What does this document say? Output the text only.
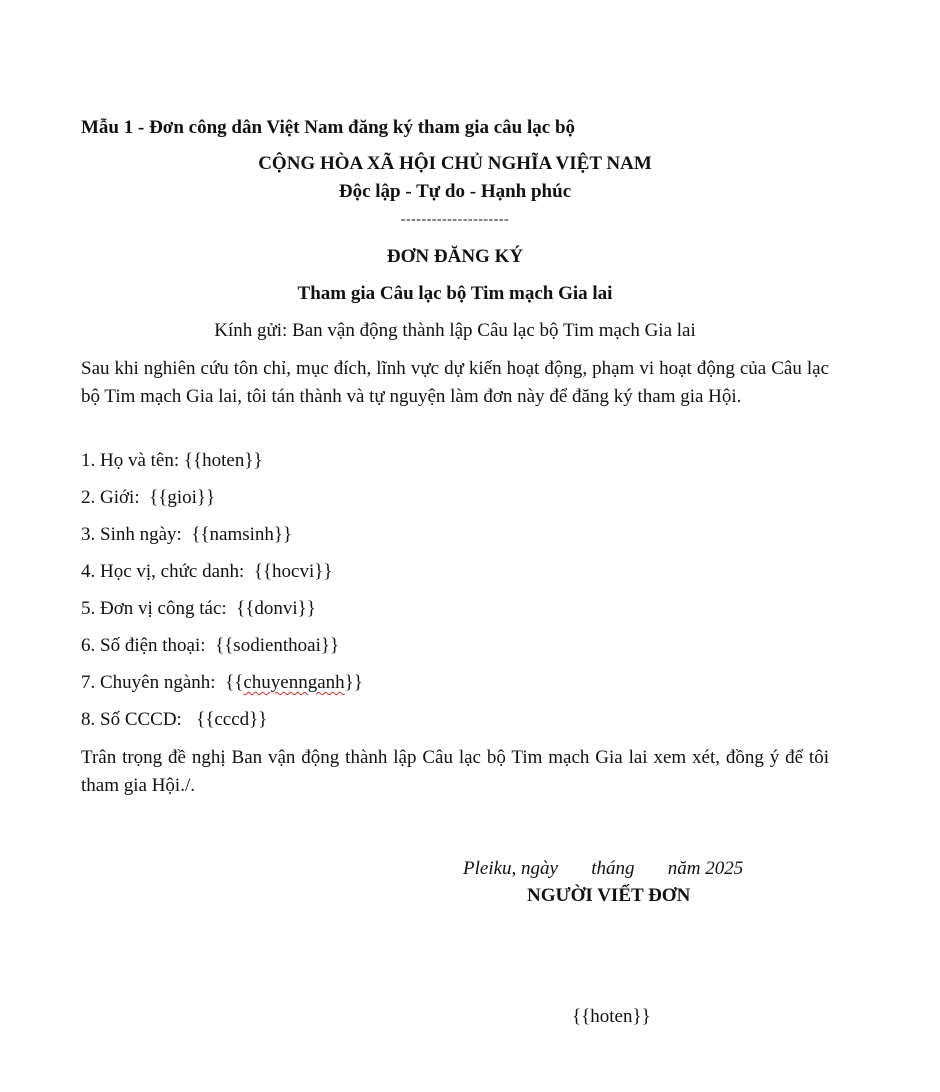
Mẫu 1 - Đơn công dân Việt Nam đăng ký tham gia câu lạc bộ
CỘNG HÒA XÃ HỘI CHỦ NGHĨA VIỆT NAM
Độc lập - Tự do - Hạnh phúc
---------------------
ĐƠN ĐĂNG KÝ
Tham gia Câu lạc bộ Tim mạch Gia lai
Kính gửi: Ban vận động thành lập Câu lạc bộ Tim mạch Gia lai
Sau khi nghiên cứu tôn chỉ, mục đích, lĩnh vực dự kiến hoạt động, phạm vi hoạt động của Câu lạc bộ Tim mạch Gia lai, tôi tán thành và tự nguyện làm đơn này để đăng ký tham gia Hội.
1. Họ và tên: {{hoten}}
2. Giới:  {{gioi}}
3. Sinh ngày:  {{namsinh}}
4. Học vị, chức danh:  {{hocvi}}
5. Đơn vị công tác:  {{donvi}}
6. Số điện thoại:  {{sodienthoai}}
7. Chuyên ngành:  {{chuyennganh}}
8. Số CCCD:   {{cccd}}
Trân trọng đề nghị Ban vận động thành lập Câu lạc bộ Tim mạch Gia lai xem xét, đồng ý để tôi tham gia Hội./.
Pleiku, ngày       tháng       năm 2025
NGƯỜI VIẾT ĐƠN
{{hoten}}
